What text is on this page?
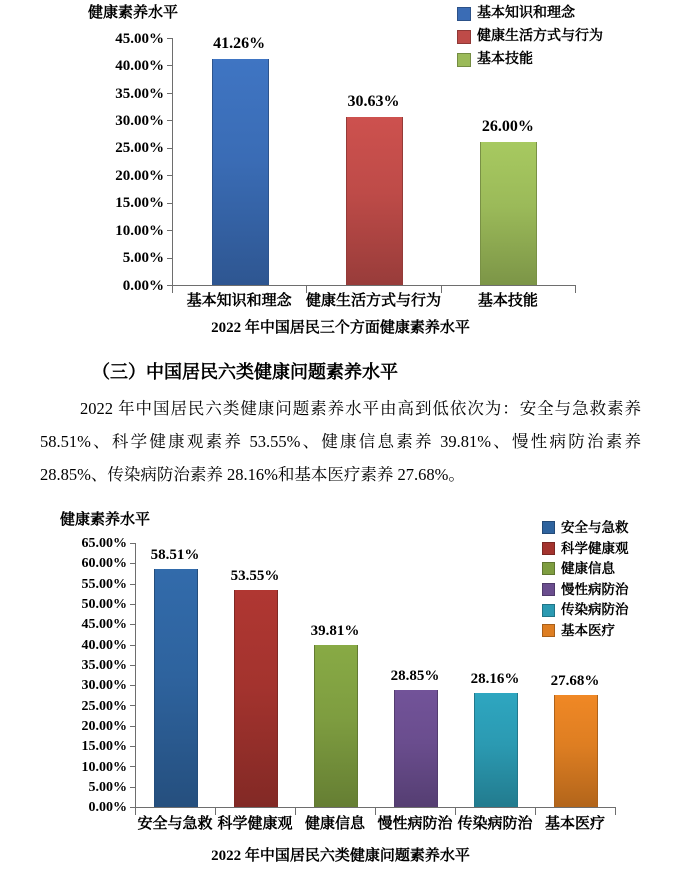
健康素养水平
45.00%
40.00%
35.00%
30.00%
25.00%
20.00%
15.00%
10.00%
5.00%
0.00%
41.26%
基本知识和理念
30.63%
健康生活方式与行为
26.00%
基本技能
基本知识和理念
健康生活方式与行为
基本技能
2022 年中国居民三个方面健康素养水平
（三）中国居民六类健康问题素养水平

2022 年中国居民六类健康问题素养水平由高到低依次为：安全与急救素养 58.51%、科学健康观素养 53.55%、健康信息素养 39.81%、慢性病防治素养 28.85%、传染病防治素养 28.16%和基本医疗素养 27.68%。

健康素养水平
65.00%
60.00%
55.00%
50.00%
45.00%
40.00%
35.00%
30.00%
25.00%
20.00%
15.00%
10.00%
5.00%
0.00%
58.51%
安全与急救
53.55%
科学健康观
39.81%
健康信息
28.85%
慢性病防治
28.16%
传染病防治
27.68%
基本医疗
安全与急救
科学健康观
健康信息
慢性病防治
传染病防治
基本医疗
2022 年中国居民六类健康问题素养水平
